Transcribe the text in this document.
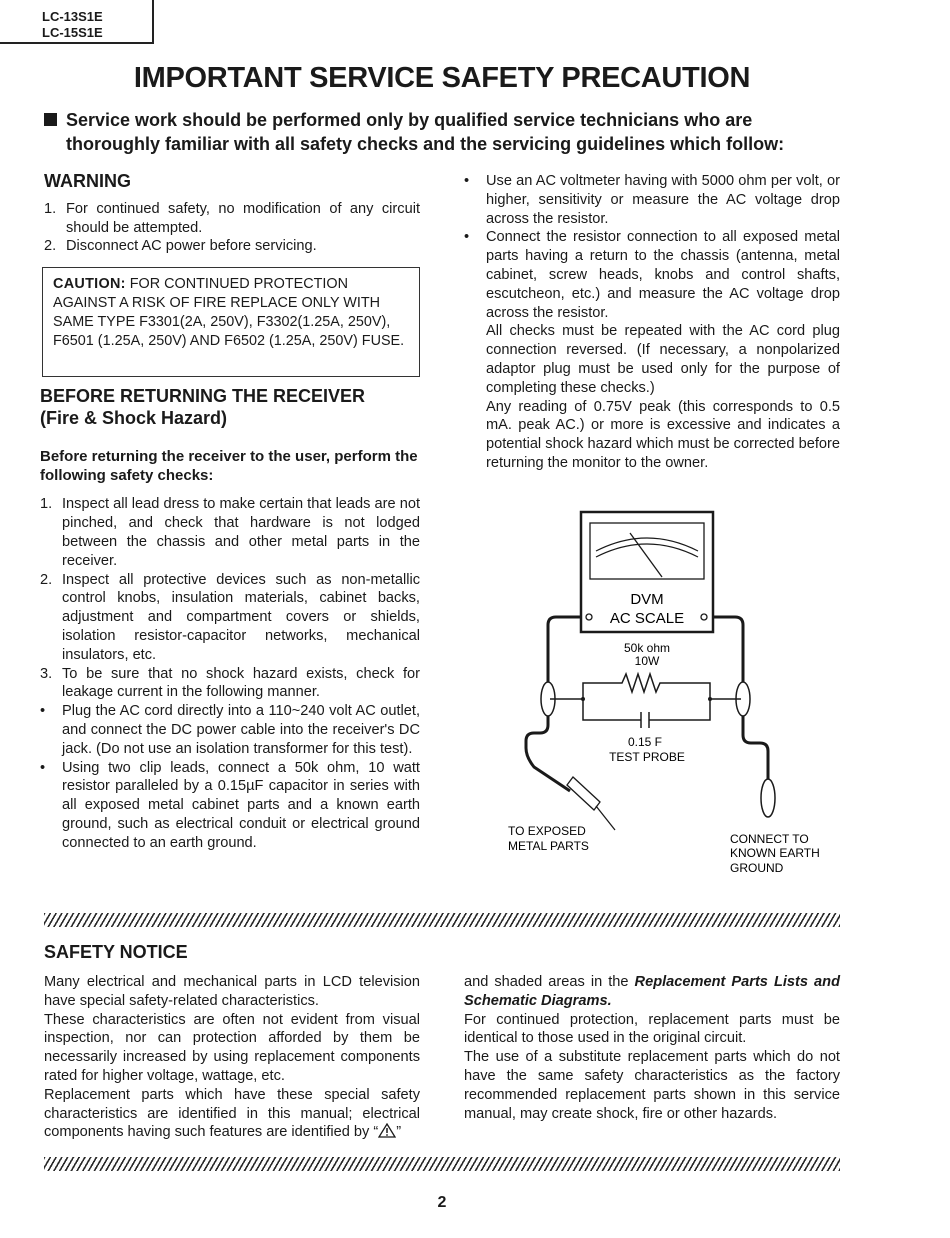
LC-13S1E
LC-15S1E
IMPORTANT SERVICE SAFETY PRECAUTION

Service work should be performed only by qualified service technicians who are thoroughly familiar with all safety checks and the servicing guidelines which follow:

WARNING
1. For continued safety, no modification of any circuit should be attempted.
2. Disconnect AC power before servicing.
CAUTION: FOR CONTINUED PROTECTION AGAINST A RISK OF FIRE REPLACE ONLY WITH SAME TYPE F3301(2A, 250V), F3302(1.25A, 250V), F6501 (1.25A, 250V) AND F6502 (1.25A, 250V) FUSE.
BEFORE RETURNING THE RECEIVER
(Fire & Shock Hazard)
Before returning the receiver to the user, perform the following safety checks:
1. Inspect all lead dress to make certain that leads are not pinched, and check that hardware is not lodged between the chassis and other metal parts in the receiver.
2. Inspect all protective devices such as non-metallic control knobs, insulation materials, cabinet backs, adjustment and compartment covers or shields, isolation resistor-capacitor networks, mechanical insulators, etc.
3. To be sure that no shock hazard exists, check for leakage current in the following manner.
• Plug the AC cord directly into a 110~240 volt AC outlet, and connect the DC power cable into the receiver's DC jack. (Do not use an isolation transformer for this test).
• Using two clip leads, connect a 50k ohm, 10 watt resistor paralleled by a 0.15µF capacitor in series with all exposed metal cabinet parts and a known earth ground, such as electrical conduit or electrical ground connected to an earth ground.
• Use an AC voltmeter having with 5000 ohm per volt, or higher, sensitivity or measure the AC voltage drop across the resistor.
• Connect the resistor connection to all exposed metal parts having a return to the chassis (antenna, metal cabinet, screw heads, knobs and control shafts, escutcheon, etc.) and measure the AC voltage drop across the resistor.

All checks must be repeated with the AC cord plug connection reversed. (If necessary, a nonpolarized adaptor plug must be used only for the purpose of completing these checks.)

Any reading of 0.75V peak (this corresponds to 0.5 mA. peak AC.) or more is excessive and indicates a potential shock hazard which must be corrected before returning the monitor to the owner.

DVM
AC SCALE
50k ohm
10W
0.15 F
TEST PROBE
TO EXPOSED
METAL PARTS	CONNECT TO
KNOWN EARTH
GROUND
SAFETY NOTICE

Many electrical and mechanical parts in LCD television have special safety-related characteristics.

These characteristics are often not evident from visual inspection, nor can protection afforded by them be necessarily increased by using replacement components rated for higher voltage, wattage, etc.

Replacement parts which have these special safety characteristics are identified in this manual; electrical components having such features are identified by “ ”

and shaded areas in the Replacement Parts Lists and Schematic Diagrams.

For continued protection, replacement parts must be identical to those used in the original circuit.

The use of a substitute replacement parts which do not have the same safety characteristics as the factory recommended replacement parts shown in this service manual, may create shock, fire or other hazards.

2
